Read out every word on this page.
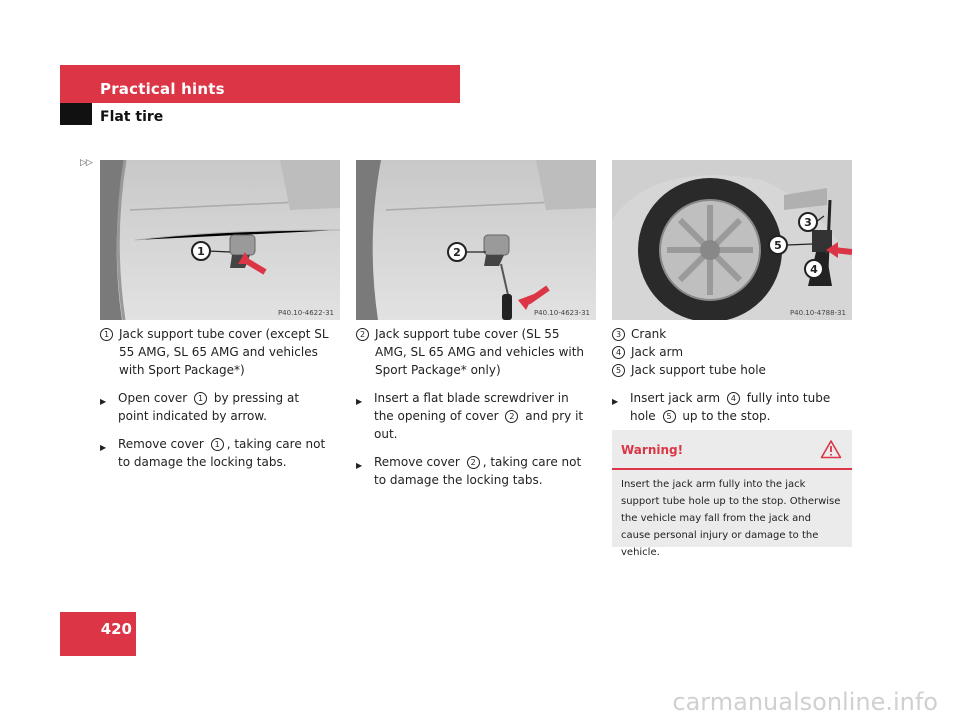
Practical hints
Flat tire
▷▷
1
P40.10-4622-31
2
P40.10-4623-31
3
5
4
P40.10-4788-31
1 Jack support tube cover (except SL 55 AMG, SL 65 AMG and vehicles with Sport Package*)
▶ Open cover 1 by pressing at point indicated by arrow.
▶ Remove cover 1 , taking care not to damage the locking tabs.
2 Jack support tube cover (SL 55 AMG, SL 65 AMG and vehicles with Sport Package* only)
▶ Insert a flat blade screwdriver in the opening of cover 2 and pry it out.
▶ Remove cover 2 , taking care not to damage the locking tabs.
3 Crank
4 Jack arm
5 Jack support tube hole
▶ Insert jack arm 4 fully into tube hole 5 up to the stop.
Warning!
Insert the jack arm fully into the jack support tube hole up to the stop. Otherwise the vehicle may fall from the jack and cause personal injury or damage to the vehicle.
420
carmanualsonline.info
